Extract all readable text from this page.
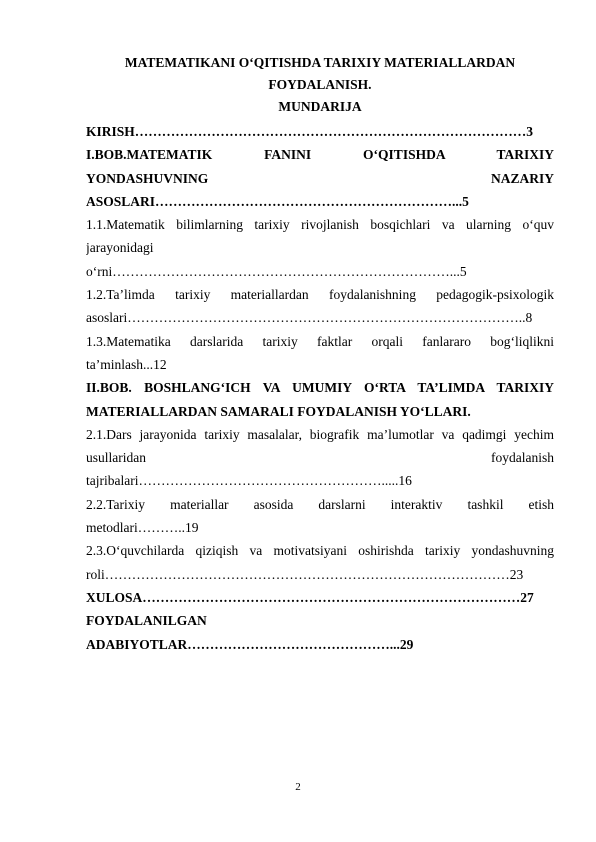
MATEMATIKANI O‘QITISHDA TARIXIY MATERIALLARDAN

FOYDALANISH.

MUNDARIJA

KIRISH……………………………………………………………………………3
I.BOB.MATEMATIK FANINI O‘QITISHDA TARIXIY
YONDASHUVNING NAZARIY
ASOSLARI…………………………………………………………...5
1.1.Matematik bilimlarning tarixiy rivojlanish bosqichlari va ularning o‘quv
jarayonidagi
o‘rni…………………………………………………………………...5
1.2.Ta’limda tarixiy materiallardan foydalanishning pedagogik-psixologik
asoslari……………………………………………………………………………..8
1.3.Matematika darslarida tarixiy faktlar orqali fanlararo bog‘liqlikni
ta’minlash...12
II.BOB. BOSHLANG‘ICH VA UMUMIY O‘RTA TA’LIMDA TARIXIY
MATERIALLARDAN SAMARALI FOYDALANISH YO‘LLARI.
2.1.Dars jarayonida tarixiy masalalar, biografik ma’lumotlar va qadimgi yechim
usullaridan foydalanish
tajribalari……………………………………………….....16
2.2.Tarixiy materiallar asosida darslarni interaktiv tashkil etish
metodlari………..19
2.3.O‘quvchilarda qiziqish va motivatsiyani oshirishda tarixiy yondashuvning
roli………………………………………………………………………………23
XULOSA…………………………………………………………………………27
FOYDALANILGAN
ADABIYOTLAR………………………………………...29
2
